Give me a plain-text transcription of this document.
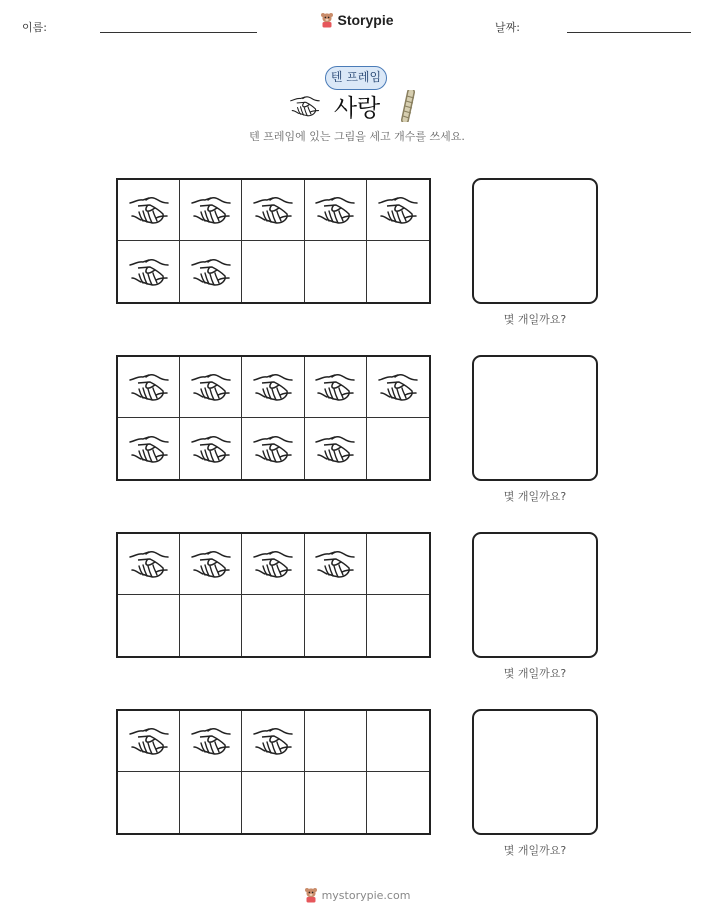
이름:	Storypie	날짜:
텐 프레임
사랑
텐 프레임에 있는 그림을 세고 개수를 쓰세요.
몇 개일까요?
몇 개일까요?
몇 개일까요?
몇 개일까요?
mystorypie.com
